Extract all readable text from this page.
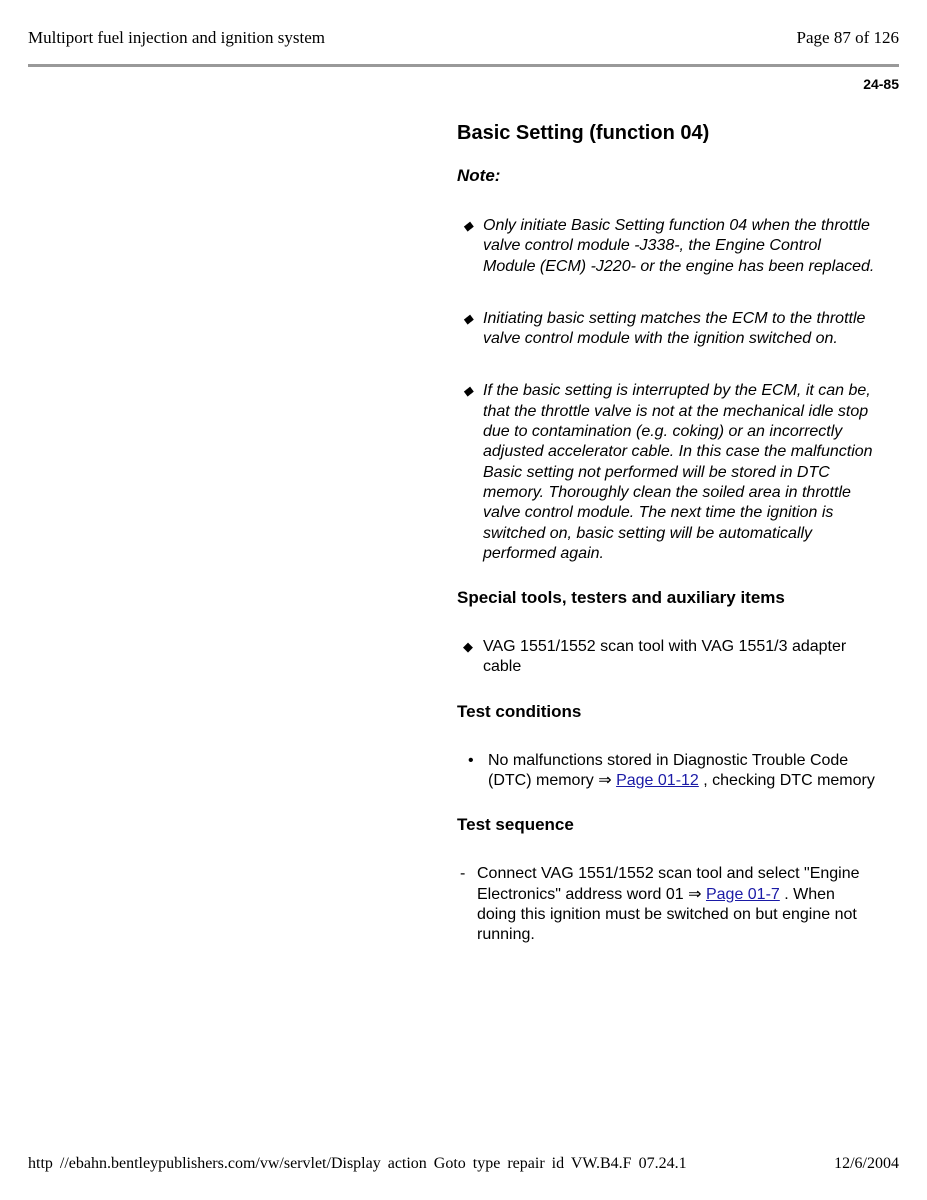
Multiport fuel injection and ignition system	Page 87 of 126
24-85
Basic Setting (function 04)
Note:
◆ Only initiate Basic Setting function 04 when the throttle valve control module -J338-, the Engine Control Module (ECM) -J220- or the engine has been replaced.
◆ Initiating basic setting matches the ECM to the throttle valve control module with the ignition switched on.
◆ If the basic setting is interrupted by the ECM, it can be, that the throttle valve is not at the mechanical idle stop due to contamination (e.g. coking) or an incorrectly adjusted accelerator cable. In this case the malfunction Basic setting not performed will be stored in DTC memory. Thoroughly clean the soiled area in throttle valve control module. The next time the ignition is switched on, basic setting will be automatically performed again.
Special tools, testers and auxiliary items
◆ VAG 1551/1552 scan tool with VAG 1551/3 adapter cable
Test conditions
• No malfunctions stored in Diagnostic Trouble Code (DTC) memory ⇒ Page 01-12 , checking DTC memory
Test sequence
- Connect VAG 1551/1552 scan tool and select "Engine Electronics" address word 01 ⇒ Page 01-7 . When doing this ignition must be switched on but engine not running.
http //ebahn.bentleypublishers.com/vw/servlet/Display action Goto type repair id VW.B4.F 07.24.1	12/6/2004
